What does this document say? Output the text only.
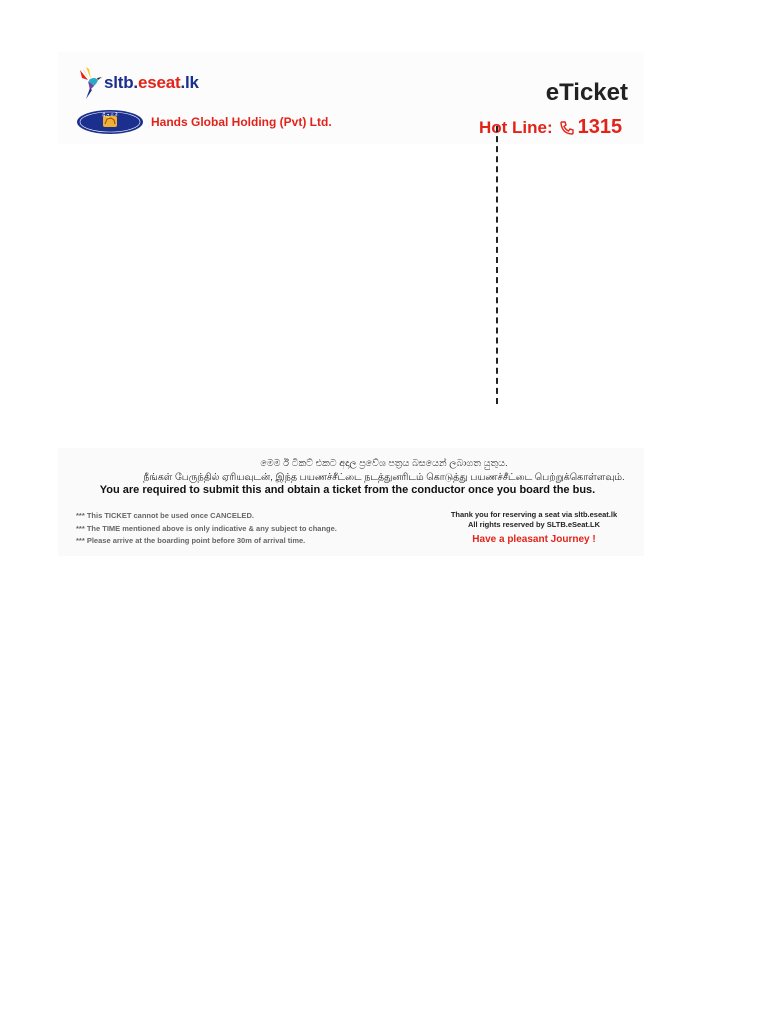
sltb.eseat.lk
ශ්‍රී.ල.ග.ම
Hands Global Holding (Pvt) Ltd.
eTicket
Hot Line: 1315
මෙම ඊ ටිකට් එකට අදාල ප්‍රවේශ පත්‍රය බසයෙන් ලබාගත යුතුය.
நீங்கள் பேருந்தில் ஏரியவுடன், இந்த பயணச்சீட்டை நடத்துனரிடம் கொடுத்து பயணச்சீட்டை பெற்றுக்கொள்ளவும்.
You are required to submit this and obtain a ticket from the conductor once you board the bus.
*** This TICKET cannot be used once CANCELED.
*** The TIME mentioned above is only indicative & any subject to change.
*** Please arrive at the boarding point before 30m of arrival time.
Thank you for reserving a seat via sltb.eseat.lk
All rights reserved by SLTB.eSeat.LK
Have a pleasant Journey !
